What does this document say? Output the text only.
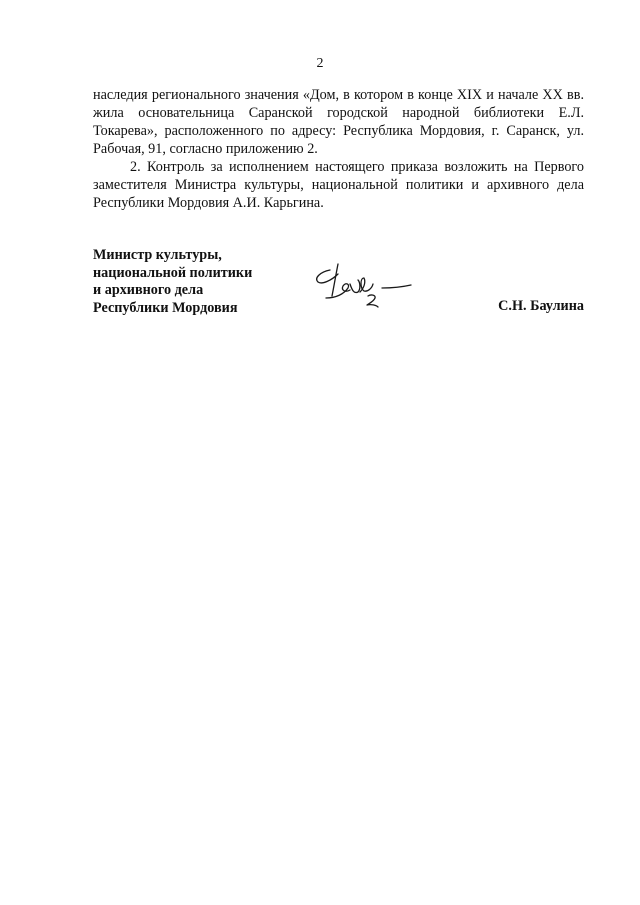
2

наследия регионального значения «Дом, в котором в конце XIX и начале XX вв. жила основательница Саранской городской народной библиотеки Е.Л. Токарева», расположенного по адресу: Республика Мордовия, г. Саранск, ул. Рабочая, 91, согласно приложению 2.

2. Контроль за исполнением настоящего приказа возложить на Первого заместителя Министра культуры, национальной политики и архивного дела Республики Мордовия А.И. Карьгина.

Министр культуры,
национальной политики
и архивного дела
Республики Мордовия	С.Н. Баулина
